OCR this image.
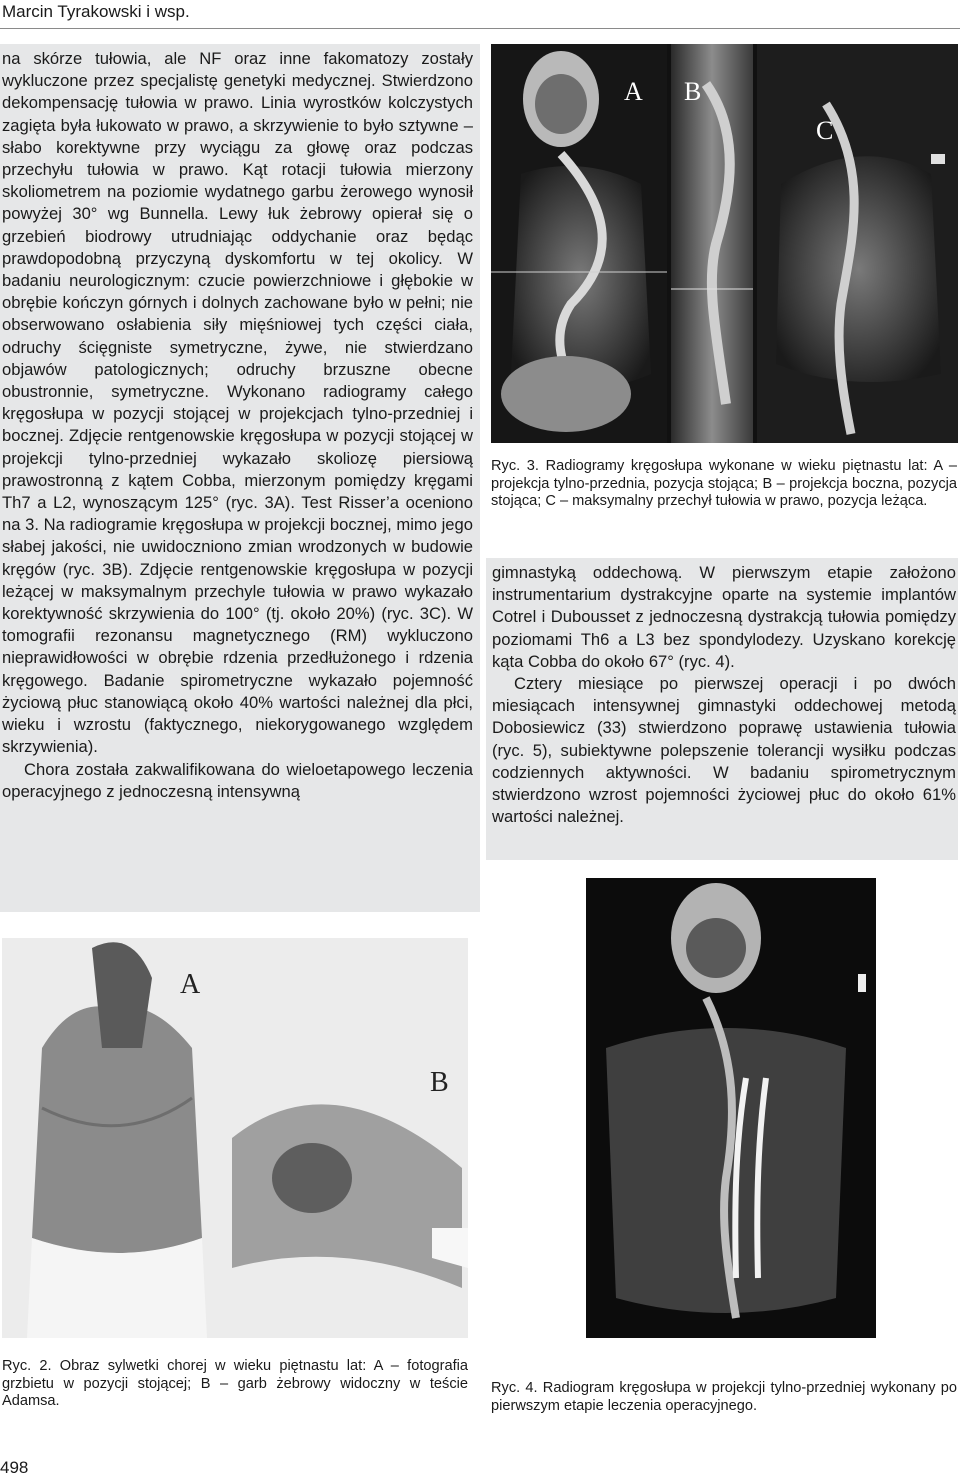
Marcin Tyrakowski i wsp.

na skórze tułowia, ale NF oraz inne fakomatozy zostały wykluczone przez specjalistę genetyki medycznej. Stwierdzono dekompensację tułowia w prawo. Linia wyrostków kolczystych zagięta była łukowato w prawo, a skrzywienie to było sztywne – słabo korektywne przy wyciągu za głowę oraz podczas przechyłu tułowia w prawo. Kąt rotacji tułowia mierzony skoliometrem na poziomie wydatnego garbu żerowego wynosił powyżej 30° wg Bunnella. Lewy łuk żebrowy opierał się o grzebień biodrowy utrudniając oddychanie oraz będąc prawdopodobną przyczyną dyskomfortu w tej okolicy. W badaniu neurologicznym: czucie powierzchniowe i głębokie w obrębie kończyn górnych i dolnych zachowane było w pełni; nie obserwowano osłabienia siły mięśniowej tych części ciała, odruchy ścięgniste symetryczne, żywe, nie stwierdzano objawów patologicznych; odruchy brzuszne obecne obustronnie, symetryczne. Wykonano radiogramy całego kręgosłupa w pozycji stojącej w projekcjach tylno-przedniej i bocznej. Zdjęcie rentgenowskie kręgosłupa w pozycji stojącej w projekcji tylno-przedniej wykazało skoliozę piersiową prawostronną z kątem Cobba, mierzonym pomiędzy kręgami Th7 a L2, wynoszącym 125° (ryc. 3A). Test Risser’a oceniono na 3. Na radiogramie kręgosłupa w projekcji bocznej, mimo jego słabej jakości, nie uwidoczniono zmian wrodzonych w budowie kręgów (ryc. 3B). Zdjęcie rentgenowskie kręgosłupa w pozycji leżącej w maksymalnym przechyle tułowia w prawo wykazało korektywność skrzywienia do 100° (tj. około 20%) (ryc. 3C). W tomografii rezonansu magnetycznego (RM) wykluczono nieprawidłowości w obrębie rdzenia przedłużonego i rdzenia kręgowego. Badanie spirometryczne wykazało pojemność życiową płuc stanowiącą około 40% wartości należnej dla płci, wieku i wzrostu (faktycznego, niekorygowanego względem skrzywienia).

Chora została zakwalifikowana do wieloetapowego leczenia operacyjnego z jednoczesną intensywną

A B
C
Ryc. 3. Radiogramy kręgosłupa wykonane w wieku piętnastu lat: A – projekcja tylno-przednia, pozycja stojąca; B – projekcja boczna, pozycja stojąca; C – maksymalny przechył tułowia w prawo, pozycja leżąca.

gimnastyką oddechową. W pierwszym etapie założono instrumentarium dystrakcyjne oparte na systemie implantów Cotrel i Dubousset z jednoczesną dystrakcją tułowia pomiędzy poziomami Th6 a L3 bez spondylodezy. Uzyskano korekcję kąta Cobba do około 67° (ryc. 4).

Cztery miesiące po pierwszej operacji i po dwóch miesiącach intensywnej gimnastyki oddechowej metodą Dobosiewicz (33) stwierdzono poprawę ustawienia tułowia (ryc. 5), subiektywne polepszenie tolerancji wysiłku podczas codziennych aktywności. W badaniu spirometrycznym stwierdzono wzrost pojemności życiowej płuc do około 61% wartości należnej.

A
B
Ryc. 2. Obraz sylwetki chorej w wieku piętnastu lat: A – fotografia grzbietu w pozycji stojącej; B – garb żebrowy widoczny w teście Adamsa.
Ryc. 4. Radiogram kręgosłupa w projekcji tylno-przedniej wykonany po pierwszym etapie leczenia operacyjnego.
498
